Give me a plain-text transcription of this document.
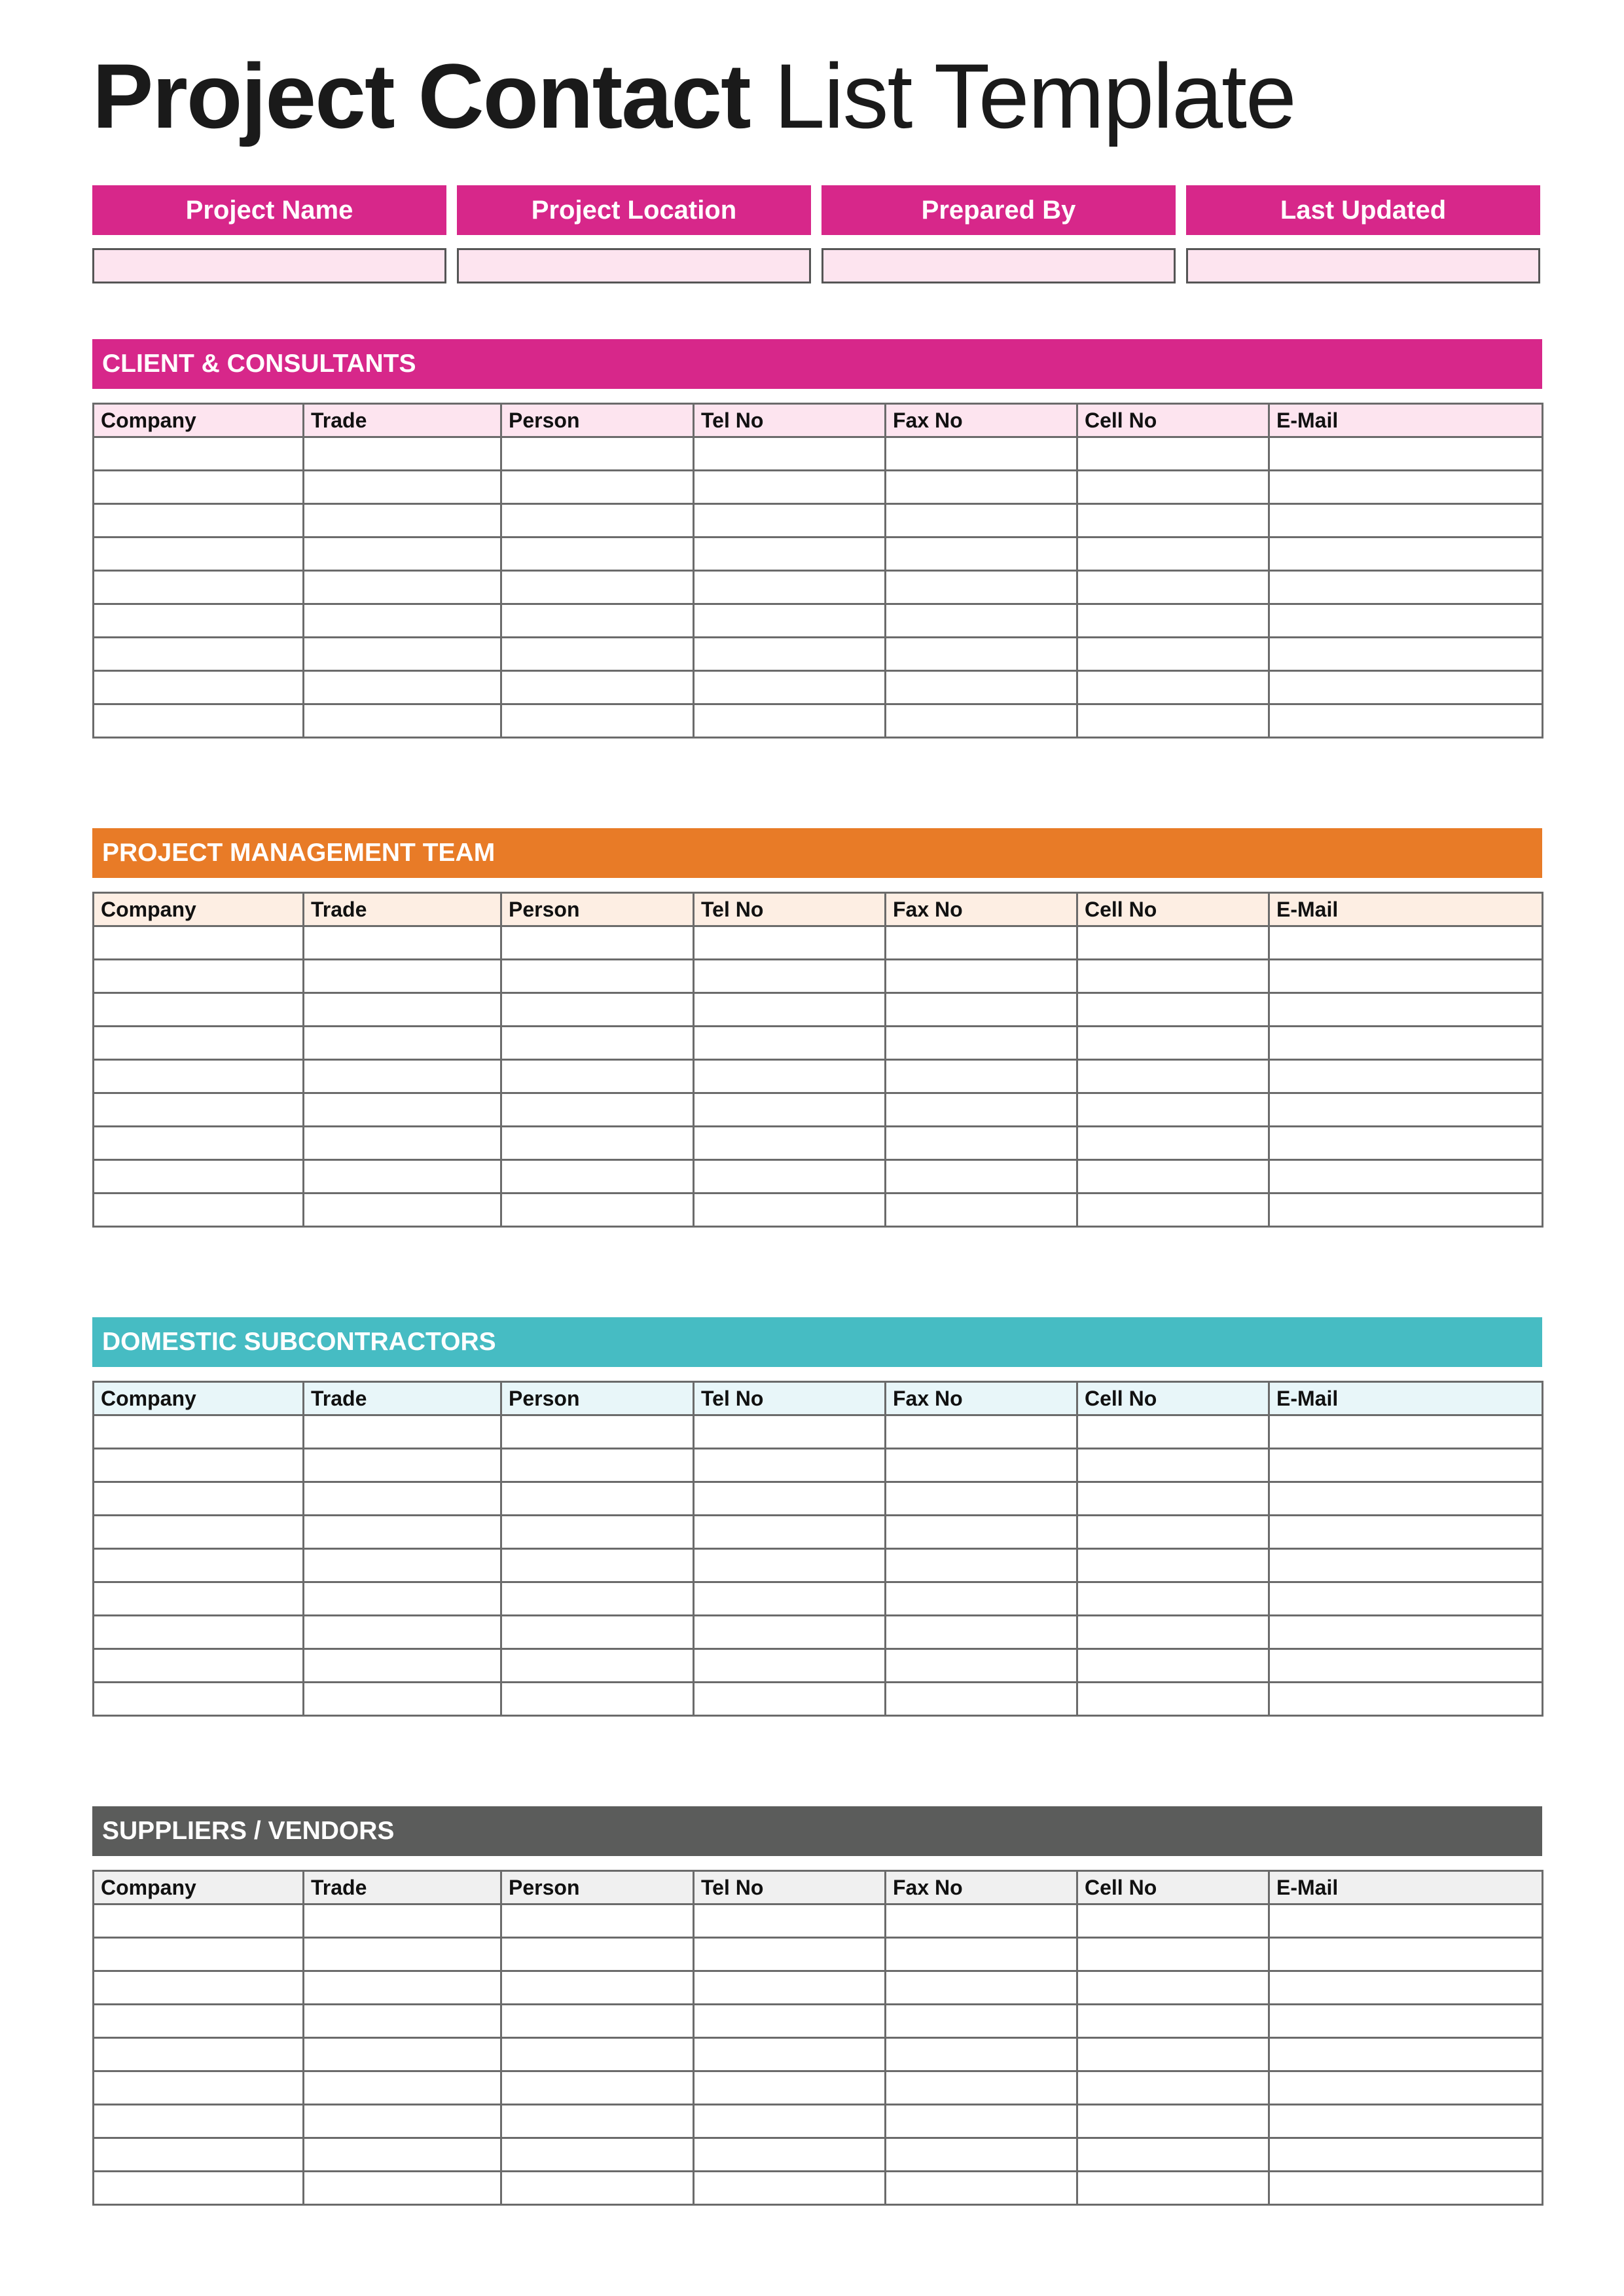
Project Contact List Template
Project Name	Project Location	Prepared By	Last Updated
CLIENT & CONSULTANTS
Company	Trade	Person	Tel No	Fax No	Cell No	E-Mail

PROJECT MANAGEMENT TEAM
Company	Trade	Person	Tel No	Fax No	Cell No	E-Mail

DOMESTIC SUBCONTRACTORS
Company	Trade	Person	Tel No	Fax No	Cell No	E-Mail

SUPPLIERS / VENDORS
Company	Trade	Person	Tel No	Fax No	Cell No	E-Mail
